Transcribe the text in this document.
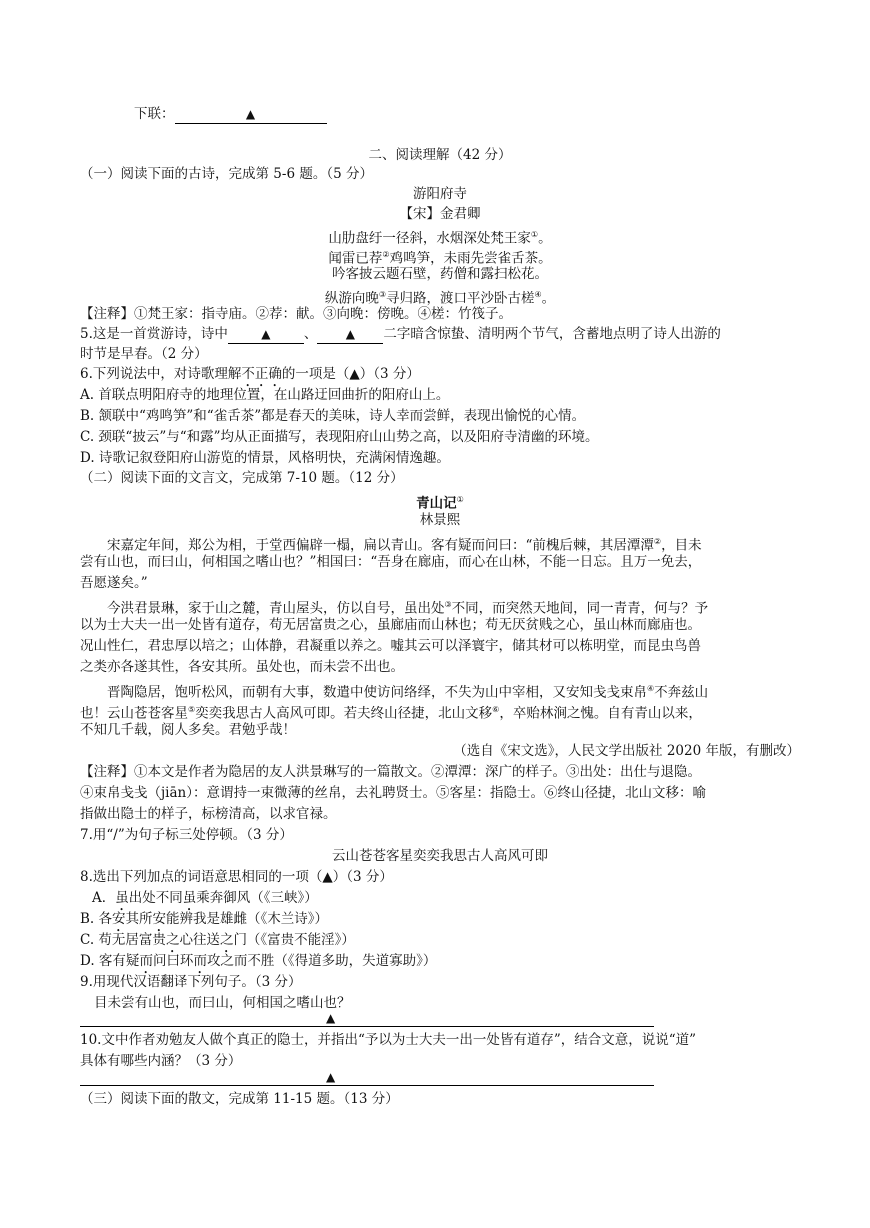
下联：	▲
二、阅读理解（42 分）
（一）阅读下面的古诗，完成第 5-6 题。（5 分）
游阳府寺
【宋】金君卿
山肋盘纡一径斜，水烟深处梵王家①。
闻雷已荐②鸡鸣笋，未雨先尝雀舌茶。
吟客披云题石壁，药僧和露扫松花。
纵游向晚③寻归路，渡口平沙卧古槎④。
【注释】①梵王家：指寺庙。②荐：献。③向晚：傍晚。④槎：竹筏子。
5.这是一首赏游诗，诗中	▲ 、 ▲ 二字暗含惊蛰、清明两个节气，含蓄地点明了诗人出游的
时节是早春。（2 分）
6.下列说法中，对诗歌理解不正确的一项是（▲）（3 分）
A. 首联点明阳府寺的地理位置，在山路迂回曲折的阳府山上。
B. 颔联中“鸡鸣笋”和“雀舌茶”都是春天的美味，诗人幸而尝鲜，表现出愉悦的心情。
C. 颈联“披云”与“和露”均从正面描写，表现阳府山山势之高，以及阳府寺清幽的环境。
D. 诗歌记叙登阳府山游览的情景，风格明快，充满闲情逸趣。
（二）阅读下面的文言文，完成第 7-10 题。（12 分）
青山记①
林景熙
宋嘉定年间，郑公为相，于堂西偏辟一榻，扁以青山。客有疑而问曰：“前槐后棘，其居潭潭②，目未
尝有山也，而曰山，何相国之嗜山也？”相国曰：“吾身在廊庙，而心在山林，不能一日忘。且万一免去，
吾愿遂矣。”
今洪君景琳，家于山之麓，青山屋头，仿以自号，虽出处③不同，而突然天地间，同一青青，何与？予
以为士大夫一出一处皆有道存，苟无居富贵之心，虽廊庙而山林也；苟无厌贫贱之心，虽山林而廊庙也。
况山性仁，君忠厚以培之；山体静，君凝重以养之。嘘其云可以泽寰宇，储其材可以栋明堂，而昆虫鸟兽
之类亦各遂其性，各安其所。虽处也，而未尝不出也。
晋陶隐居，饱听松风，而朝有大事，数遣中使访问络绎，不失为山中宰相，又安知戋戋束帛④不奔兹山
也！云山苍苍客星⑤奕奕我思古人高风可即。若夫终山径捷，北山文移⑥，卒贻林涧之愧。自有青山以来，
不知几千载，阅人多矣。君勉乎哉！
（选自《宋文选》，人民文学出版社 2020 年版，有删改）
【注释】①本文是作者为隐居的友人洪景琳写的一篇散文。②潭潭：深广的样子。③出处：出仕与退隐。
④束帛戋戋（jiān）：意谓持一束微薄的丝帛，去礼聘贤士。⑤客星：指隐士。⑥终山径捷，北山文移：喻
指做出隐士的样子，标榜清高，以求官禄。
7.用“/”为句子标三处停顿。（3 分）
云山苍苍客星奕奕我思古人高风可即
8.选出下列加点的词语意思相同的一项（▲）（3 分）
A．虽出处不同虽乘奔御风（《三峡》）
B. 各安其所安能辨我是雄雌（《木兰诗》）
C. 苟无居富贵之心往送之门（《富贵不能淫》）
D. 客有疑而问曰环而攻之而不胜（《得道多助，失道寡助》）
9.用现代汉语翻译下列句子。（3 分）
目未尝有山也，而曰山，何相国之嗜山也？
▲
10.文中作者劝勉友人做个真正的隐士，并指出“予以为士大夫一出一处皆有道存”，结合文意，说说“道”
具体有哪些内涵？（3 分）
▲
（三）阅读下面的散文，完成第 11-15 题。（13 分）
